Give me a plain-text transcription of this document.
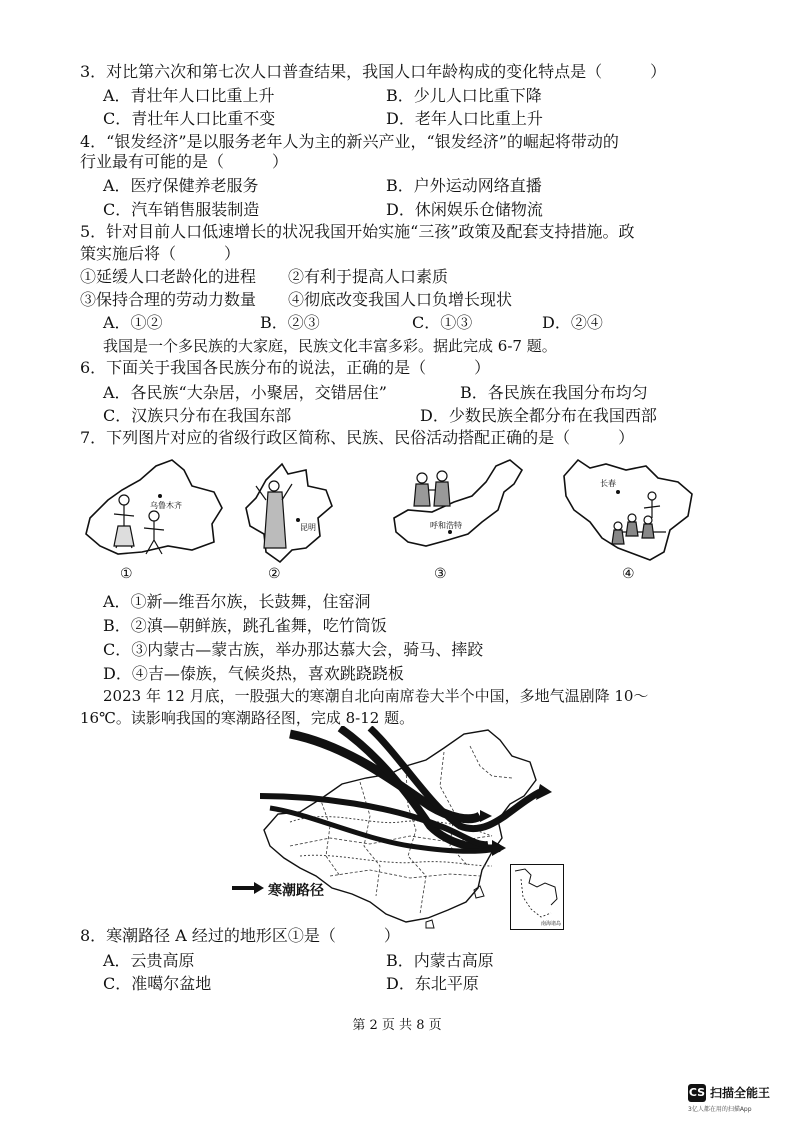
3．对比第六次和第七次人口普查结果，我国人口年龄构成的变化特点是（　　　）
A．青壮年人口比重上升	B．少儿人口比重下降
C．青壮年人口比重不变	D．老年人口比重上升
4．“银发经济”是以服务老年人为主的新兴产业，“银发经济”的崛起将带动的
行业最有可能的是（　　　）
A．医疗保健养老服务	B．户外运动网络直播
C．汽车销售服装制造	D．休闲娱乐仓储物流
5．针对目前人口低速增长的状况我国开始实施“三孩”政策及配套支持措施。政
策实施后将（　　　）
①延缓人口老龄化的进程　　②有利于提高人口素质
③保持合理的劳动力数量　　④彻底改变我国人口负增长现状
A．①②	B．②③	C．①③	D．②④
我国是一个多民族的大家庭，民族文化丰富多彩。据此完成 6-7 题。
6．下面关于我国各民族分布的说法，正确的是（　　　）
A．各民族“大杂居，小聚居，交错居住”	B．各民族在我国分布均匀
C．汉族只分布在我国东部	D．少数民族全都分布在我国西部
7．下列图片对应的省级行政区简称、民族、民俗活动搭配正确的是（　　　）
乌鲁木齐
①
昆明
②
呼和浩特
③
长春
④
A．①新—维吾尔族，长鼓舞，住窑洞
B．②滇—朝鲜族，跳孔雀舞，吃竹筒饭
C．③内蒙古—蒙古族，举办那达慕大会，骑马、摔跤
D．④吉—傣族，气候炎热，喜欢跳跷跷板
2023 年 12 月底，一股强大的寒潮自北向南席卷大半个中国，多地气温剧降 10～
16℃。读影响我国的寒潮路径图，完成 8-12 题。
南海诸岛
寒潮路径
8．寒潮路径 A 经过的地形区①是（　　　）
A．云贵高原	B．内蒙古高原
C．准噶尔盆地	D．东北平原
第 2 页 共 8 页
CS 扫描全能王
3亿人都在用的扫描App
